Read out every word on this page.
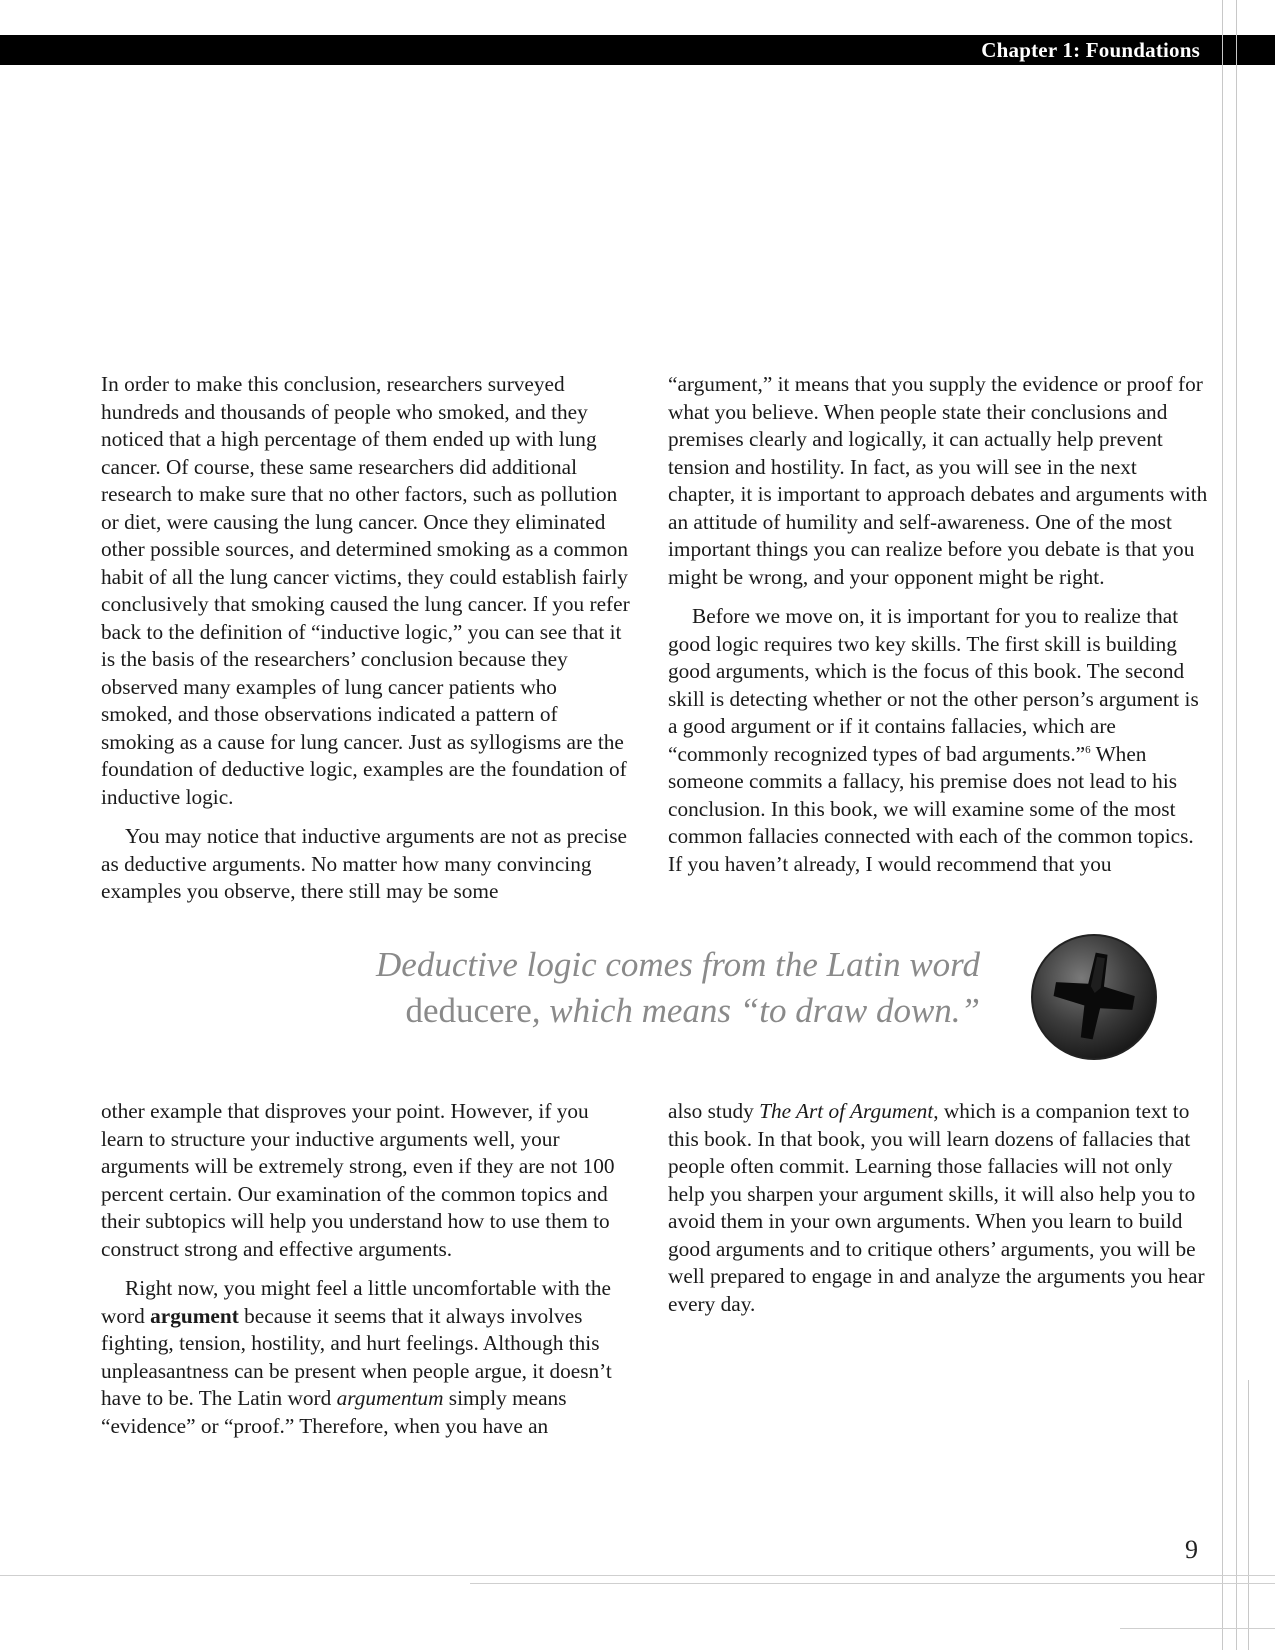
Chapter 1: Foundations

In order to make this conclusion, researchers surveyed hundreds and thousands of people who smoked, and they noticed that a high percentage of them ended up with lung cancer. Of course, these same researchers did additional research to make sure that no other factors, such as pollution or diet, were causing the lung cancer. Once they eliminated other possible sources, and determined smoking as a common habit of all the lung cancer victims, they could establish fairly conclusively that smoking caused the lung cancer. If you refer back to the definition of “inductive logic,” you can see that it is the basis of the researchers’ conclusion because they observed many examples of lung cancer patients who smoked, and those observations indicated a pattern of smoking as a cause for lung cancer. Just as syllogisms are the foundation of deductive logic, examples are the foundation of inductive logic.

You may notice that inductive arguments are not as precise as deductive arguments. No matter how many convincing examples you observe, there still may be some

“argument,” it means that you supply the evidence or proof for what you believe. When people state their conclusions and premises clearly and logically, it can actually help prevent tension and hostility. In fact, as you will see in the next chapter, it is important to approach debates and arguments with an attitude of humility and self-awareness. One of the most important things you can realize before you debate is that you might be wrong, and your opponent might be right.

Before we move on, it is important for you to realize that good logic requires two key skills. The first skill is building good arguments, which is the focus of this book. The second skill is detecting whether or not the other person’s argument is a good argument or if it contains fallacies, which are “commonly recognized types of bad arguments.”$^6$ When someone commits a fallacy, his premise does not lead to his conclusion. In this book, we will examine some of the most common fallacies connected with each of the common topics. If you haven’t already, I would recommend that you

Deductive logic comes from the Latin word
deducere, which means “to draw down.”

other example that disproves your point. However, if you learn to structure your inductive arguments well, your arguments will be extremely strong, even if they are not 100 percent certain. Our examination of the common topics and their subtopics will help you understand how to use them to construct strong and effective arguments.

Right now, you might feel a little uncomfortable with the word argument because it seems that it always involves fighting, tension, hostility, and hurt feelings. Although this unpleasantness can be present when people argue, it doesn’t have to be. The Latin word argumentum simply means “evidence” or “proof.” Therefore, when you have an

also study The Art of Argument, which is a companion text to this book. In that book, you will learn dozens of fallacies that people often commit. Learning those fallacies will not only help you sharpen your argument skills, it will also help you to avoid them in your own arguments. When you learn to build good arguments and to critique others’ arguments, you will be well prepared to engage in and analyze the arguments you hear every day.

9
